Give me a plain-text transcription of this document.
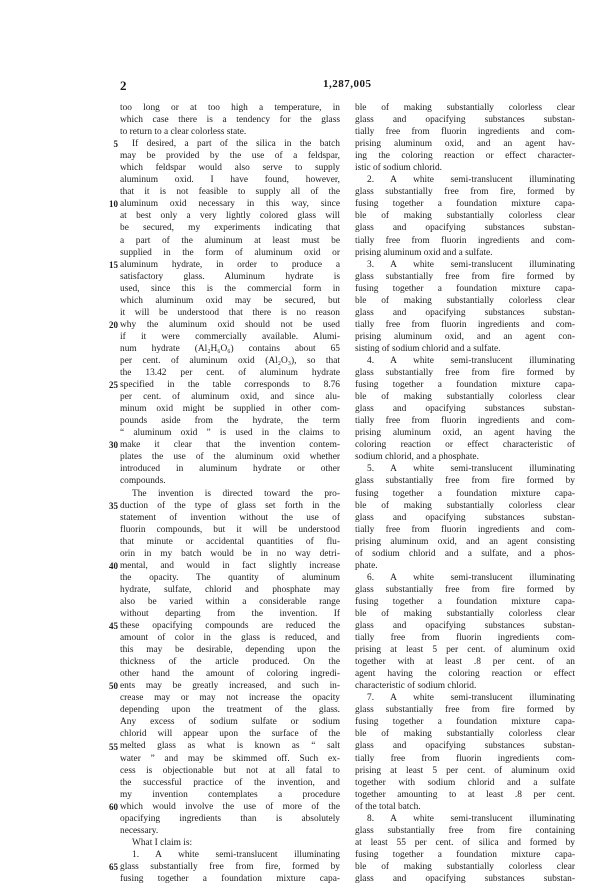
2	1,287,005
5
10
15
20
25
30
35
40
45
50
55
60
65
too long or at too high a temperature, in
which case there is a tendency for the glass
to return to a clear colorless state.
If desired, a part of the silica in the batch
may be provided by the use of a feldspar,
which feldspar would also serve to supply
aluminum oxid. I have found, however,
that it is not feasible to supply all of the
aluminum oxid necessary in this way, since
at best only a very lightly colored glass will
be secured, my experiments indicating that
a part of the aluminum at least must be
supplied in the form of aluminum oxid or
aluminum hydrate, in order to produce a
satisfactory glass. Aluminum hydrate is
used, since this is the commercial form in
which aluminum oxid may be secured, but
it will be understood that there is no reason
why the aluminum oxid should not be used
if it were commercially available. Alumi-
num hydrate (Al₂H₆O₆) contains about 65
per cent. of aluminum oxid (Al₂O₃), so that
the 13.42 per cent. of aluminum hydrate
specified in the table corresponds to 8.76
per cent. of aluminum oxid, and since alu-
minum oxid might be supplied in other com-
pounds aside from the hydrate, the term
“ aluminum oxid ” is used in the claims to
make it clear that the invention contem-
plates the use of the aluminum oxid whether
introduced in aluminum hydrate or other
compounds.
The invention is directed toward the pro-
duction of the type of glass set forth in the
statement of invention without the use of
fluorin compounds, but it will be understood
that minute or accidental quantities of flu-
orin in my batch would be in no way detri-
mental, and would in fact slightly increase
the opacity. The quantity of aluminum
hydrate, sulfate, chlorid and phosphate may
also be varied within a considerable range
without departing from the invention. If
these opacifying compounds are reduced the
amount of color in the glass is reduced, and
this may be desirable, depending upon the
thickness of the article produced. On the
other hand the amount of coloring ingredi-
ents may be greatly increased, and such in-
crease may or may not increase the opacity
depending upon the treatment of the glass.
Any excess of sodium sulfate or sodium
chlorid will appear upon the surface of the
melted glass as what is known as “ salt
water ” and may be skimmed off. Such ex-
cess is objectionable but not at all fatal to
the successful practice of the invention, and
my invention contemplates a procedure
which would involve the use of more of the
opacifying ingredients than is absolutely
necessary.
What I claim is:
1. A white semi-translucent illuminating
glass substantially free from fire, formed by
fusing together a foundation mixture capa-
ble of making substantially colorless clear
glass and opacifying substances substan-
tially free from fluorin ingredients and com-
prising aluminum oxid, and an agent hav-
ing the coloring reaction or effect character-
istic of sodium chlorid.
2. A white semi-translucent illuminating
glass substantially free from fire, formed by
fusing together a foundation mixture capa-
ble of making substantially colorless clear
glass and opacifying substances substan-
tially free from fluorin ingredients and com-
prising aluminum oxid and a sulfate.
3. A white semi-translucent illuminating
glass substantially free from fire formed by
fusing together a foundation mixture capa-
ble of making substantially colorless clear
glass and opacifying substances substan-
tially free from fluorin ingredients and com-
prising aluminum oxid, and an agent con-
sisting of sodium chlorid and a sulfate.
4. A white semi-translucent illuminating
glass substantially free from fire formed by
fusing together a foundation mixture capa-
ble of making substantially colorless clear
glass and opacifying substances substan-
tially free from fluorin ingredients and com-
prising aluminum oxid, an agent having the
coloring reaction or effect characteristic of
sodium chlorid, and a phosphate.
5. A white semi-translucent illuminating
glass substantially free from fire formed by
fusing together a foundation mixture capa-
ble of making substantially colorless clear
glass and opacifying substances substan-
tially free from fluorin ingredients and com-
prising aluminum oxid, and an agent consisting
of sodium chlorid and a sulfate, and a phos-
phate.
6. A white semi-translucent illuminating
glass substantially free from fire formed by
fusing together a foundation mixture capa-
ble of making substantially colorless clear
glass and opacifying substances substan-
tially free from fluorin ingredients com-
prising at least 5 per cent. of aluminum oxid
together with at least .8 per cent. of an
agent having the coloring reaction or effect
characteristic of sodium chlorid.
7. A white semi-translucent illuminating
glass substantially free from fire formed by
fusing together a foundation mixture capa-
ble of making substantially colorless clear
glass and opacifying substances substan-
tially free from fluorin ingredients com-
prising at least 5 per cent. of aluminum oxid
together with sodium chlorid and a sulfate
together amounting to at least .8 per cent.
of the total batch.
8. A white semi-translucent illuminating
glass substantially free from fire containing
at least 55 per cent. of silica and formed by
fusing together a foundation mixture capa-
ble of making substantially colorless clear
glass and opacifying substances substan-
